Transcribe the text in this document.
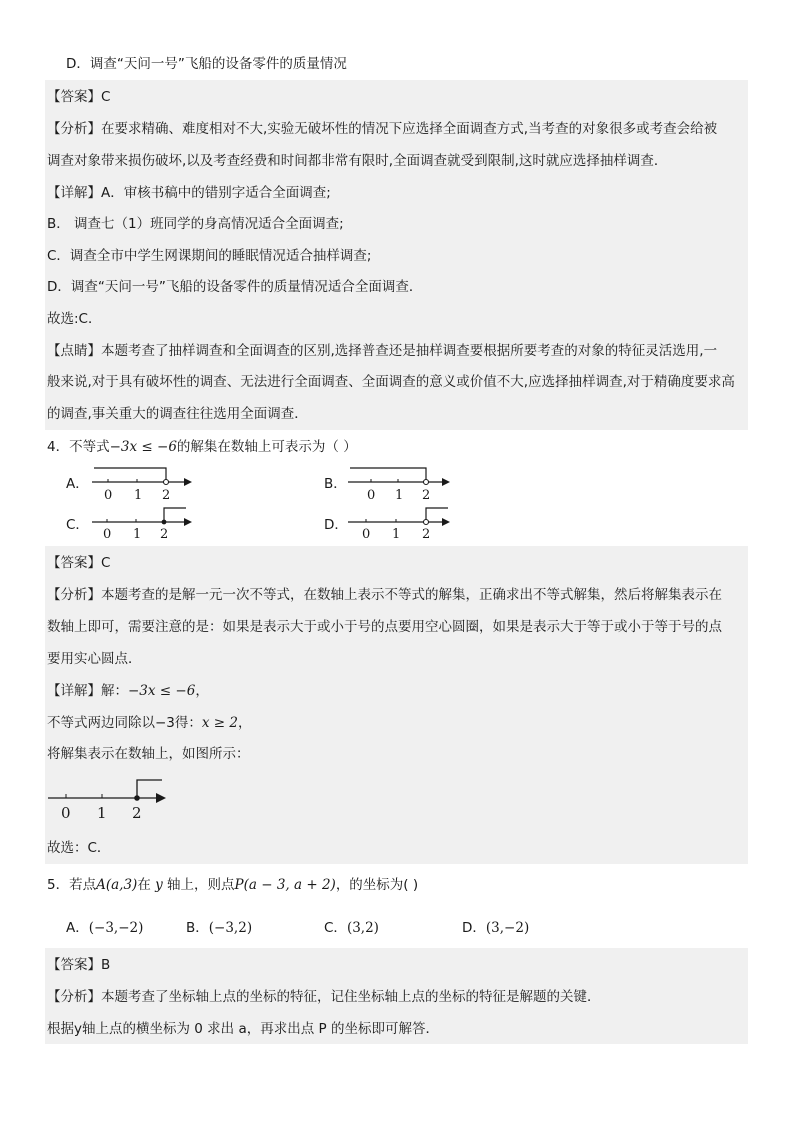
D．调查“天问一号”飞船的设备零件的质量情况
【答案】C
【分析】在要求精确、难度相对不大,实验无破坏性的情况下应选择全面调查方式,当考查的对象很多或考查会给被
调查对象带来损伤破坏,以及考查经费和时间都非常有限时,全面调查就受到限制,这时就应选择抽样调查．
【详解】A．审核书稿中的错别字适合全面调查;
B． 调查七（1）班同学的身高情况适合全面调查;
C．调查全市中学生网课期间的睡眠情况适合抽样调查;
D．调查“天问一号”飞船的设备零件的质量情况适合全面调查．
故选:C．
【点睛】本题考查了抽样调查和全面调查的区别,选择普查还是抽样调查要根据所要考查的对象的特征灵活选用,一
般来说,对于具有破坏性的调查、无法进行全面调查、全面调查的意义或价值不大,应选择抽样调查,对于精确度要求高
的调查,事关重大的调查往往选用全面调查．
4．不等式−3x ≤ −6的解集在数轴上可表示为（ ）
A．
0 1 2
B．
0 1 2
C．
0 1 2
D．
0 1 2
【答案】C
【分析】本题考查的是解一元一次不等式，在数轴上表示不等式的解集，正确求出不等式解集，然后将解集表示在
数轴上即可，需要注意的是：如果是表示大于或小于号的点要用空心圆圈，如果是表示大于等于或小于等于号的点
要用实心圆点．
【详解】解：−3x ≤ −6，
不等式两边同除以−3得：x ≥ 2，
将解集表示在数轴上，如图所示：
0 1 2
故选：C．
5．若点A(a,3)在 y 轴上，则点P(a − 3, a + 2)，的坐标为( )
A．(−3,−2)	B．(−3,2)	C．(3,2)	D．(3,−2)
【答案】B
【分析】本题考查了坐标轴上点的坐标的特征，记住坐标轴上点的坐标的特征是解题的关键．
根据y轴上点的横坐标为 0 求出 a，再求出点 P 的坐标即可解答．
